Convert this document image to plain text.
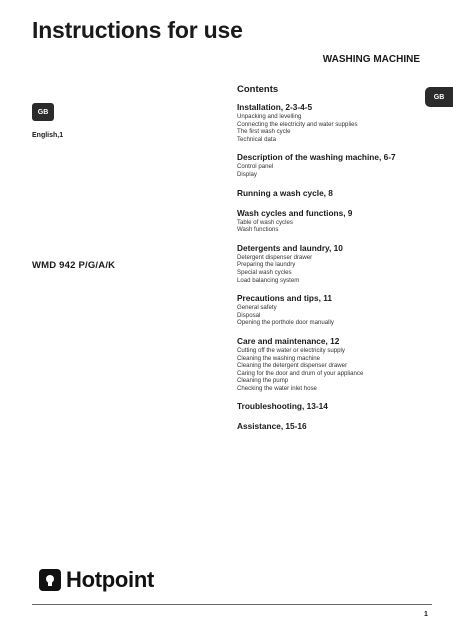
Instructions for use
WASHING MACHINE
GB
GB
English,1
WMD 942 P/G/A/K
Contents
Installation, 2-3-4-5
Unpacking and levelling
Connecting the electricity and water supplies
The first wash cycle
Technical data
Description of the washing machine, 6-7
Control panel
Display
Running a wash cycle, 8
Wash cycles and functions, 9
Table of wash cycles
Wash functions
Detergents and laundry, 10
Detergent dispenser drawer
Preparing the laundry
Special wash cycles
Load balancing system
Precautions and tips, 11
General safety
Disposal
Opening the porthole door manually
Care and maintenance, 12
Cutting off the water or electricity supply
Cleaning the washing machine
Cleaning the detergent dispenser drawer
Caring for the door and drum of your appliance
Cleaning the pump
Checking the water inlet hose
Troubleshooting, 13-14
Assistance, 15-16
Hotpoint
1
